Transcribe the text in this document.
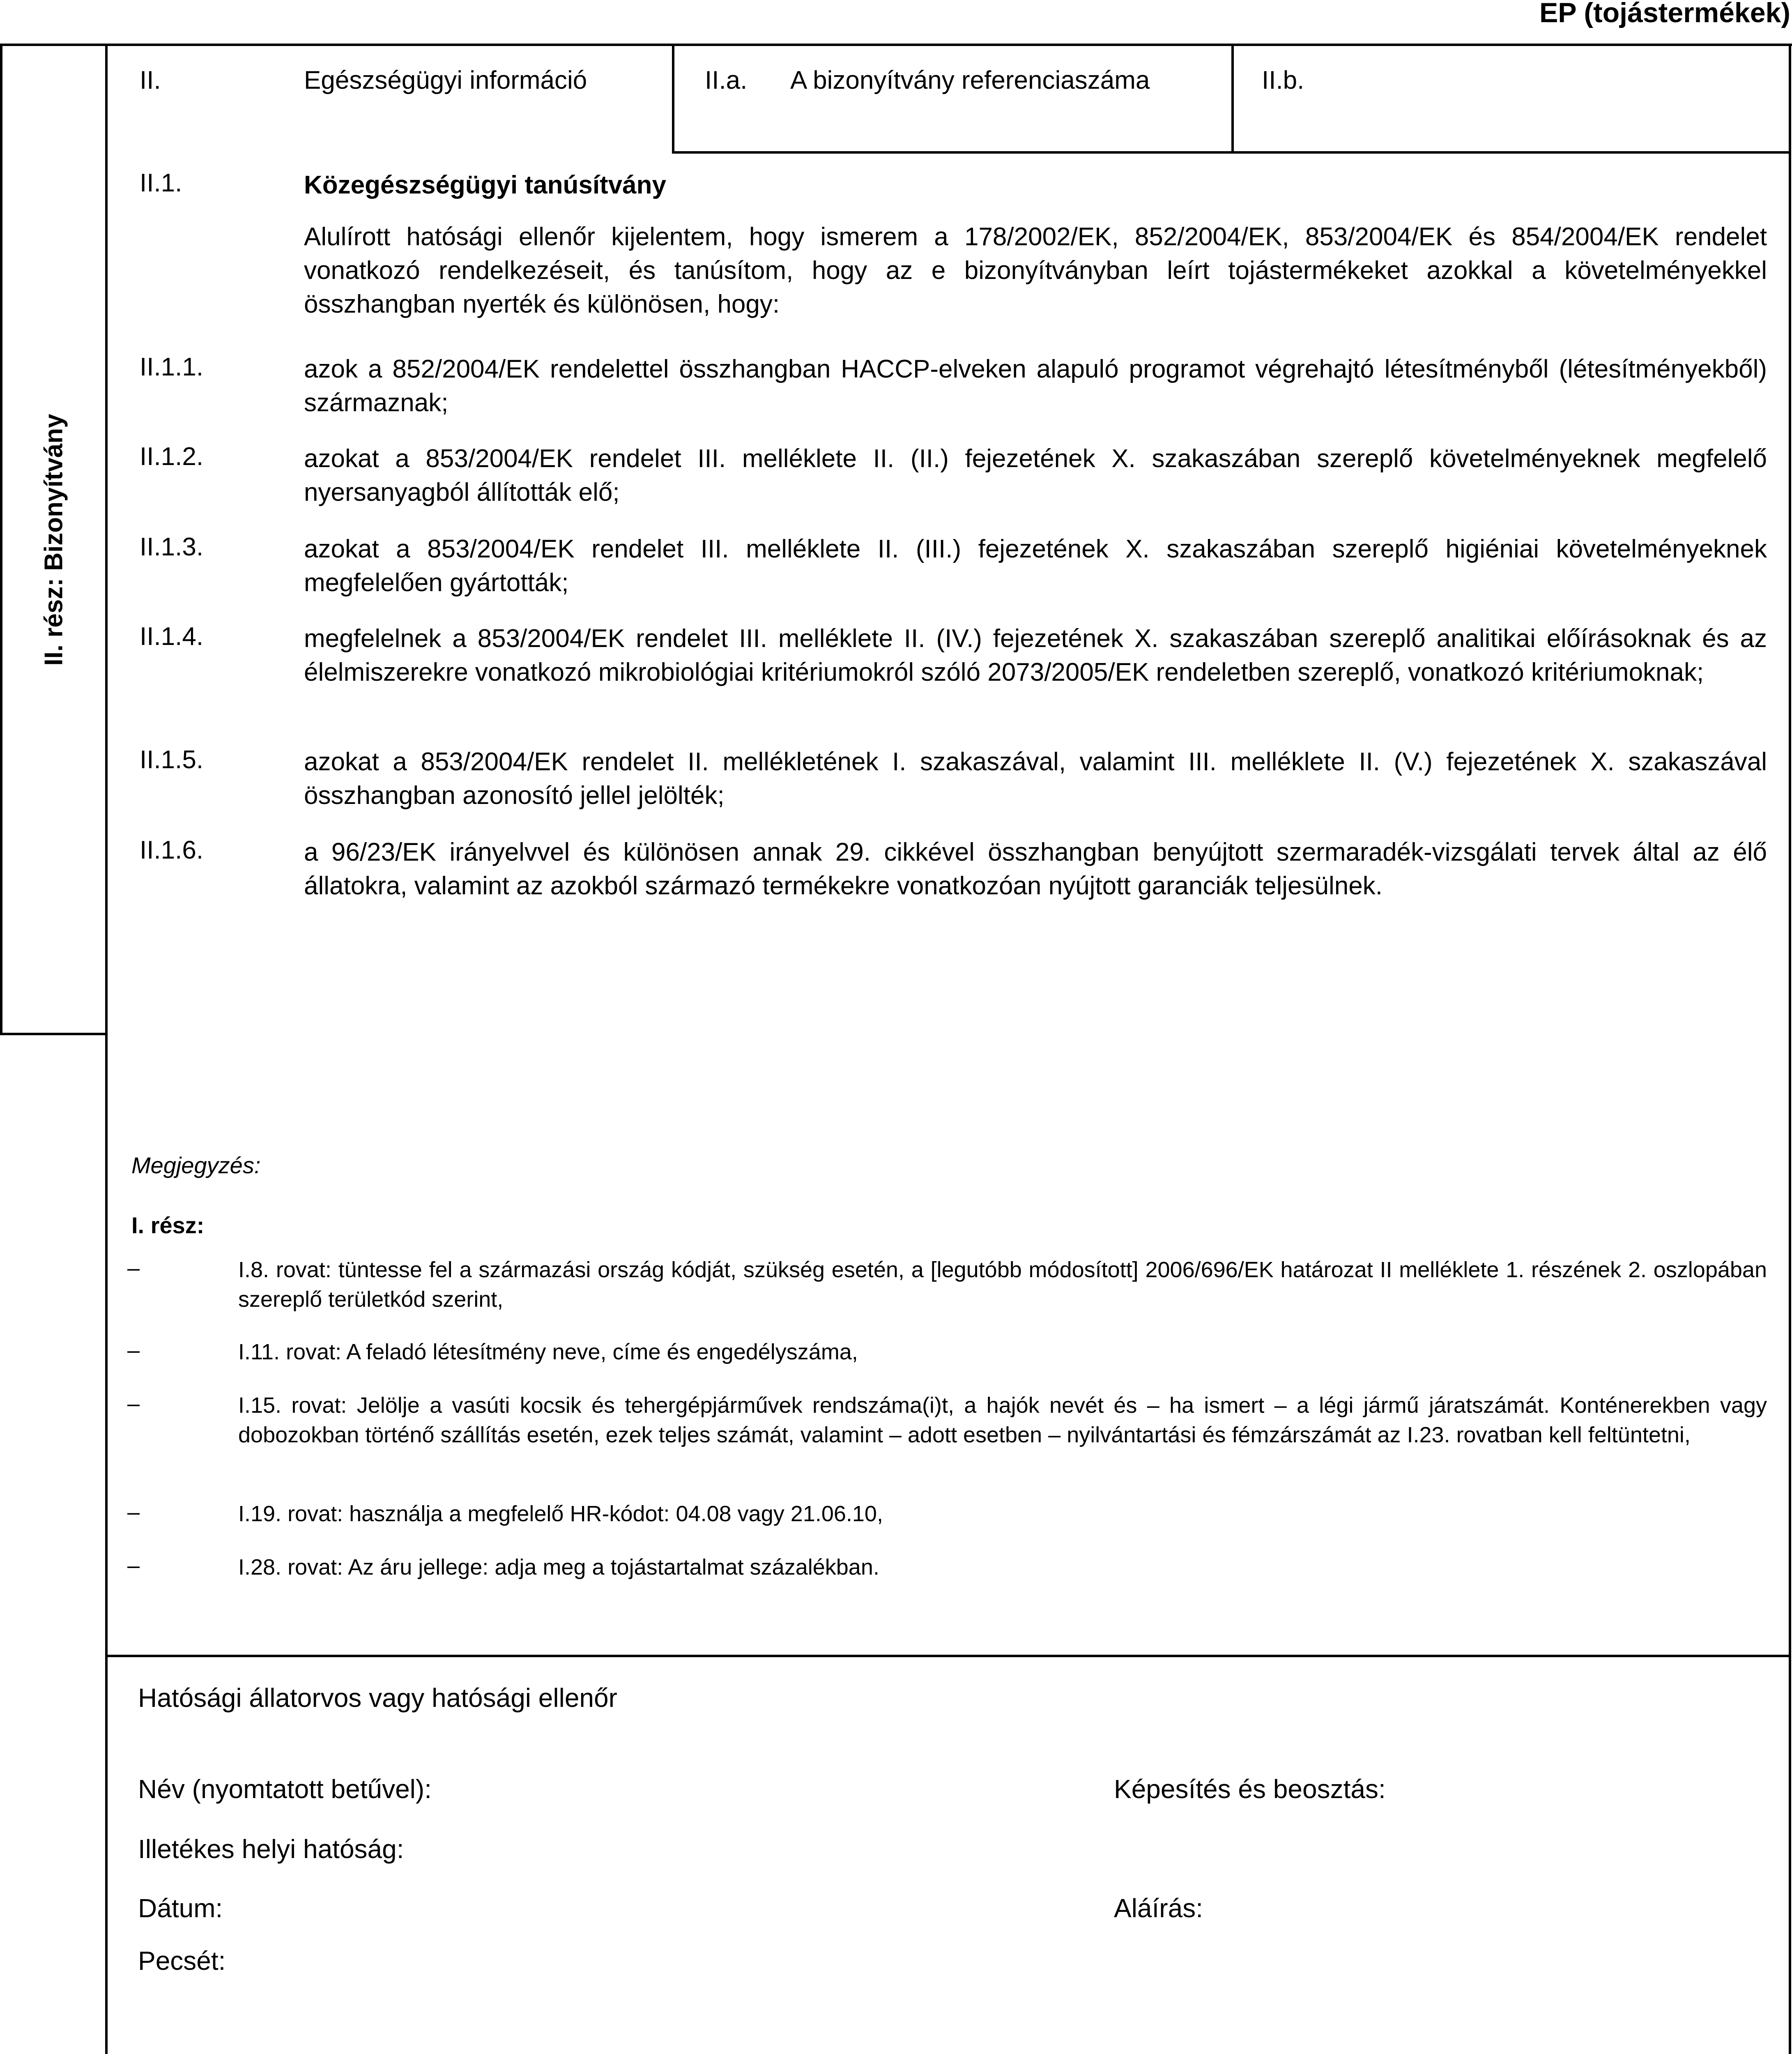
EP (tojástermékek)
II. rész: Bizonyítvány
II.	Egészségügyi információ	II.a. A bizonyítvány referenciaszáma	II.b.
II.1.	Közegészségügyi tanúsítvány
Alulírott hatósági ellenőr kijelentem, hogy ismerem a 178/2002/EK, 852/2004/EK, 853/2004/EK és 854/2004/EK rendelet vonatkozó rendelkezéseit, és tanúsítom, hogy az e bizonyítványban leírt tojástermékeket azokkal a követelményekkel összhangban nyerték és különösen, hogy:
II.1.1.	azok a 852/2004/EK rendelettel összhangban HACCP-elveken alapuló programot végrehajtó létesítményből (létesítményekből) származnak;
II.1.2.	azokat a 853/2004/EK rendelet III. melléklete II. (II.) fejezetének X. szakaszában szereplő követelményeknek megfelelő nyersanyagból állították elő;
II.1.3.	azokat a 853/2004/EK rendelet III. melléklete II. (III.) fejezetének X. szakaszában szereplő higiéniai követelményeknek megfelelően gyártották;
II.1.4.	megfelelnek a 853/2004/EK rendelet III. melléklete II. (IV.) fejezetének X. szakaszában szereplő analitikai előírásoknak és az élelmiszerekre vonatkozó mikrobiológiai kritériumokról szóló 2073/2005/EK rendeletben szereplő, vonatkozó kritériumoknak;
II.1.5.	azokat a 853/2004/EK rendelet II. mellékletének I. szakaszával, valamint III. melléklete II. (V.) fejezetének X. szakaszával összhangban azonosító jellel jelölték;
II.1.6.	a 96/23/EK irányelvvel és különösen annak 29. cikkével összhangban benyújtott szermaradék-vizsgálati tervek által az élő állatokra, valamint az azokból származó termékekre vonatkozóan nyújtott garanciák teljesülnek.
Megjegyzés:
I. rész:
–	I.8. rovat: tüntesse fel a származási ország kódját, szükség esetén, a [legutóbb módosított] 2006/696/EK határozat II melléklete 1. részének 2. oszlopában szereplő területkód szerint,
–	I.11. rovat: A feladó létesítmény neve, címe és engedélyszáma,
–	I.15. rovat: Jelölje a vasúti kocsik és tehergépjárművek rendszáma(i)t, a hajók nevét és – ha ismert – a légi jármű járatszámát. Konténerekben vagy dobozokban történő szállítás esetén, ezek teljes számát, valamint – adott esetben – nyilvántartási és fémzárszámát az I.23. rovatban kell feltüntetni,
–	I.19. rovat: használja a megfelelő HR-kódot: 04.08 vagy 21.06.10,
–	I.28. rovat: Az áru jellege: adja meg a tojástartalmat százalékban.
Hatósági állatorvos vagy hatósági ellenőr
Név (nyomtatott betűvel):	Képesítés és beosztás:
Illetékes helyi hatóság:
Dátum:	Aláírás:
Pecsét:
